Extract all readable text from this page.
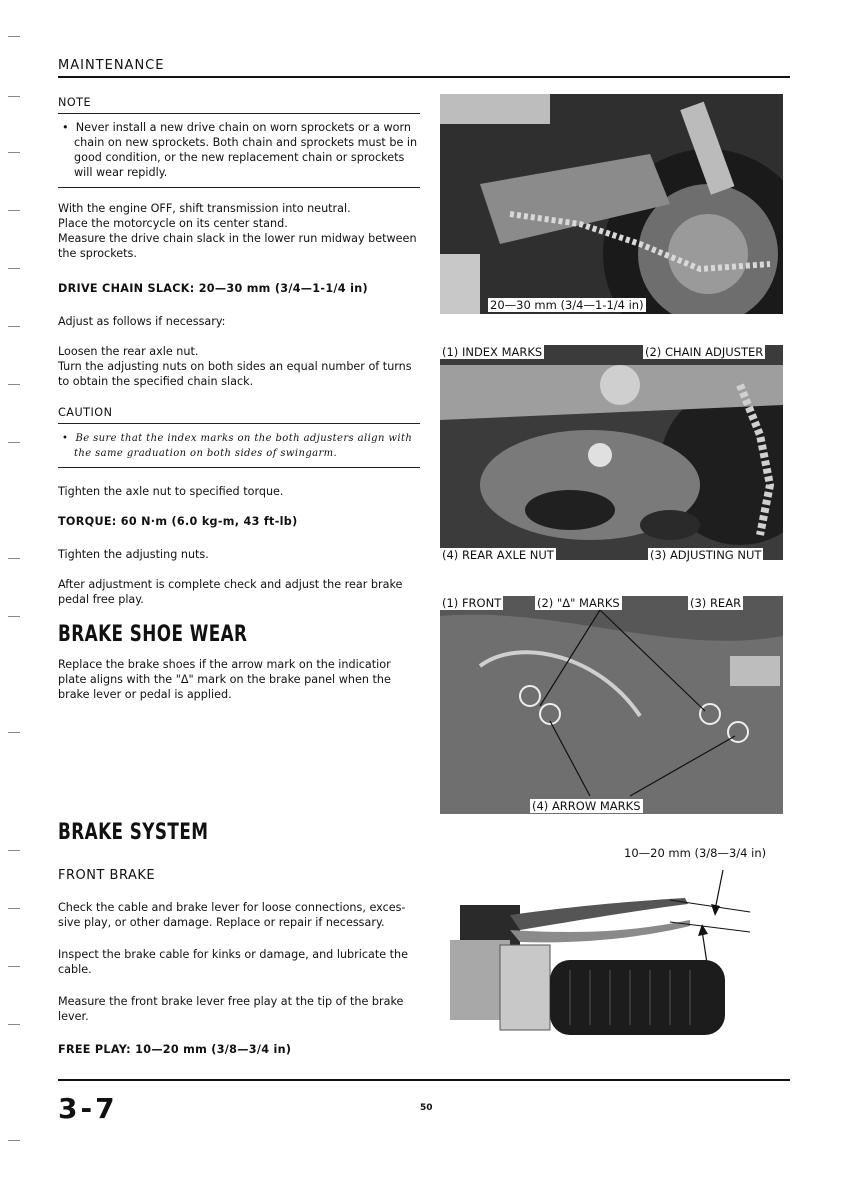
MAINTENANCE
NOTE

•  Never install a new drive chain on worn sprockets or a worn chain on new sprockets. Both chain and sprockets must be in good condition, or the new replacement chain or sprockets will wear repidly.

With the engine OFF, shift transmission into neutral.

Place the motorcycle on its center stand.

Measure the drive chain slack in the lower run midway between the sprockets.

DRIVE CHAIN SLACK: 20—30 mm (3/4—1-1/4 in)
Adjust as follows if necessary:

Loosen the rear axle nut.

Turn the adjusting nuts on both sides an equal number of turns to obtain the specified chain slack.

CAUTION

•  Be sure that the index marks on the both adjusters align with the same graduation on both sides of swingarm.

Tighten the axle nut to specified torque.
TORQUE: 60 N·m (6.0 kg-m, 43 ft-lb)
Tighten the adjusting nuts.
After adjustment is complete check and adjust the rear brake pedal free play.
BRAKE SHOE WEAR
Replace the brake shoes if the arrow mark on the indicatior plate aligns with the "Δ" mark on the brake panel when the brake lever or pedal is applied.
BRAKE SYSTEM
FRONT BRAKE
Check the cable and brake lever for loose connections, exces-sive play, or other damage. Replace or repair if necessary.
Inspect the brake cable for kinks or damage, and lubricate the cable.
Measure the front brake lever free play at the tip of the brake lever.
FREE PLAY: 10—20 mm (3/8—3/4 in)
20—30 mm (3/4—1-1/4 in)
(1) INDEX MARKS	(2) CHAIN ADJUSTER
(4) REAR AXLE NUT	(3) ADJUSTING NUT
(1) FRONT	(2) "Δ" MARKS	(3) REAR
(4) ARROW MARKS
10—20 mm (3/8—3/4 in)
3-7	50
